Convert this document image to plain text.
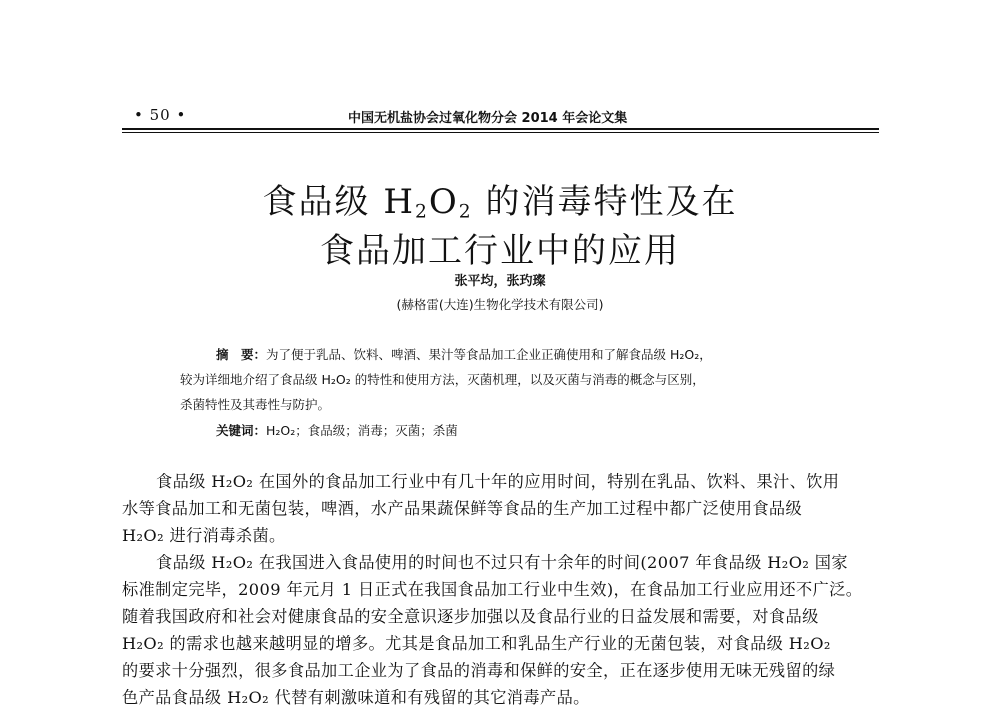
• 50 •	中国无机盐协会过氧化物分会 2014 年会论文集
食品级 $H_2O_2$ 的消毒特性及在
食品加工行业中的应用
张平均，张玓璨
(赫格雷(大连)生物化学技术有限公司)
摘　要：为了便于乳品、饮料、啤酒、果汁等食品加工企业正确使用和了解食品级 H₂O₂，
较为详细地介绍了食品级 H₂O₂ 的特性和使用方法，灭菌机理，以及灭菌与消毒的概念与区别，
杀菌特性及其毒性与防护。
关键词：H₂O₂；食品级；消毒；灭菌；杀菌
食品级 H₂O₂ 在国外的食品加工行业中有几十年的应用时间，特别在乳品、饮料、果汁、饮用
水等食品加工和无菌包装，啤酒，水产品果蔬保鲜等食品的生产加工过程中都广泛使用食品级
H₂O₂ 进行消毒杀菌。
食品级 H₂O₂ 在我国进入食品使用的时间也不过只有十余年的时间(2007 年食品级 H₂O₂ 国家
标准制定完毕，2009 年元月 1 日正式在我国食品加工行业中生效)，在食品加工行业应用还不广泛。
随着我国政府和社会对健康食品的安全意识逐步加强以及食品行业的日益发展和需要，对食品级
H₂O₂ 的需求也越来越明显的增多。尤其是食品加工和乳品生产行业的无菌包装，对食品级 H₂O₂
的要求十分强烈，很多食品加工企业为了食品的消毒和保鲜的安全，正在逐步使用无味无残留的绿
色产品食品级 H₂O₂ 代替有刺激味道和有残留的其它消毒产品。
